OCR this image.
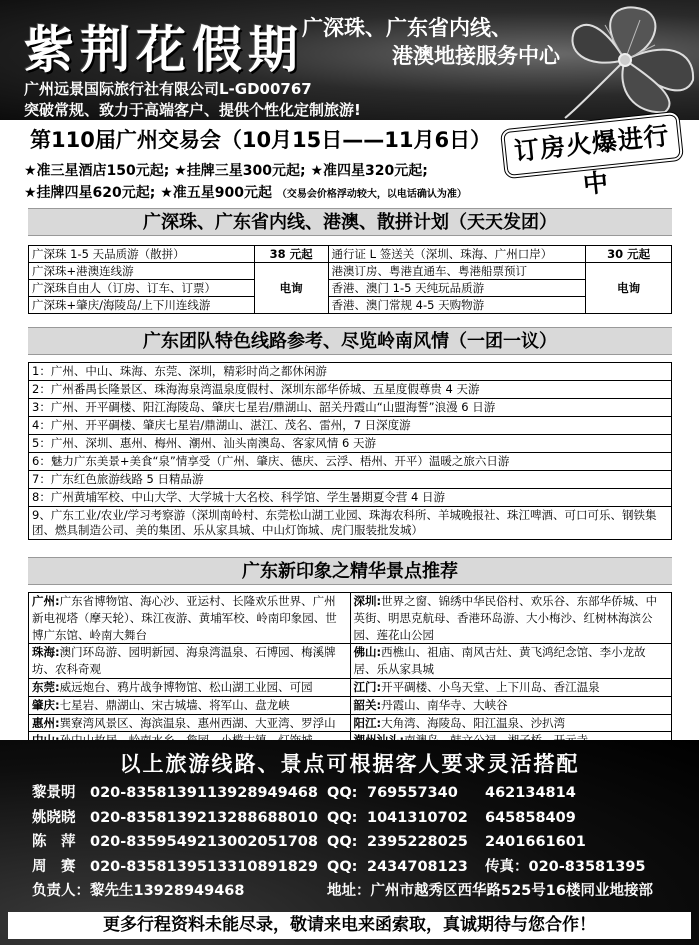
紫荆花假期
广深珠、广东省内线、
港澳地接服务中心
广州远景国际旅行社有限公司L-GD00767
突破常规、致力于高端客户、提供个性化定制旅游!
第110届广州交易会（10月15日——11月6日） 订房火爆进行中
★准三星酒店150元起; ★挂牌三星300元起; ★准四星320元起;
★挂牌四星620元起; ★准五星900元起 （交易会价格浮动较大，以电话确认为准）
广深珠、广东省内线、港澳、散拼计划（天天发团）
广深珠 1-5 天品质游（散拼）	38 元起	通行证 L 签送关（深圳、珠海、广州口岸）	30 元起
广深珠+港澳连线游	电询	港澳订房、粤港直通车、粤港船票预订	电询
广深珠自由人（订房、订车、订票）		香港、澳门 1-5 天纯玩品质游	
广深珠+肇庆/海陵岛/上下川连线游		香港、澳门常规 4-5 天购物游	
广东团队特色线路参考、尽览岭南风情（一团一议）
1：广州、中山、珠海、东莞、深圳，精彩时尚之都休闲游
2：广州番禺长隆景区、珠海海泉湾温泉度假村、深圳东部华侨城、五星度假尊贵 4 天游
3：广州、开平碉楼、阳江海陵岛、肇庆七星岩/鼎湖山、韶关丹霞山“山盟海誓”浪漫 6 日游
4：广州、开平碉楼、肇庆七星岩/鼎湖山、湛江、茂名、雷州，7 日深度游
5：广州、深圳、惠州、梅州、潮州、汕头南澳岛、客家风情 6 天游
6：魅力广东美景+美食“泉”情享受（广州、肇庆、德庆、云浮、梧州、开平）温暖之旅六日游
7：广东红色旅游线路 5 日精品游
8：广州黄埔军校、中山大学、大学城十大名校、科学馆、学生暑期夏令营 4 日游
9、广东工业/农业/学习考察游（深圳南岭村、东莞松山湖工业园、珠海农科所、羊城晚报社、珠江啤酒、可口可乐、钢铁集团、燃具制造公司、美的集团、乐从家具城、中山灯饰城、虎门服装批发城）
广东新印象之精华景点推荐
广州:广东省博物馆、海心沙、亚运村、长隆欢乐世界、广州新电视塔（摩天轮）、珠江夜游、黄埔军校、岭南印象园、世博广东馆、岭南大舞台	深圳:世界之窗、锦绣中华民俗村、欢乐谷、东部华侨城、中英街、明思克航母、香港环岛游、大小梅沙、红树林海滨公园、莲花山公园
珠海:澳门环岛游、园明新园、海泉湾温泉、石博园、梅溪牌坊、农科奇观	佛山:西樵山、祖庙、南风古灶、黄飞鸿纪念馆、李小龙故居、乐从家具城
东莞:威远炮台、鸦片战争博物馆、松山湖工业园、可园	江门:开平碉楼、小鸟天堂、上下川岛、香江温泉
肇庆:七星岩、鼎湖山、宋古城墙、将军山、盘龙峡	韶关:丹霞山、南华寺、大峡谷
惠州:巽寮湾风景区、海滨温泉、惠州西湖、大亚湾、罗浮山	阳江:大角湾、海陵岛、阳江温泉、沙扒湾

以上旅游线路、景点可根据客人要求灵活搭配
黎景明	020-83581391	13928949468	QQ:	769557340	462134814
姚晓晓	020-83581392	13288688010	QQ:	1041310702	645858409
陈　萍	020-83595492	13002051708	QQ:	2395228025	2401661601
周　赛	020-83581395	13310891829	QQ:	2434708123	传真：020-83581395
负责人：黎先生13928949468			地址：广州市越秀区西华路525号16楼同业地接部		
更多行程资料未能尽录，敬请来电来函索取，真诚期待与您合作！
